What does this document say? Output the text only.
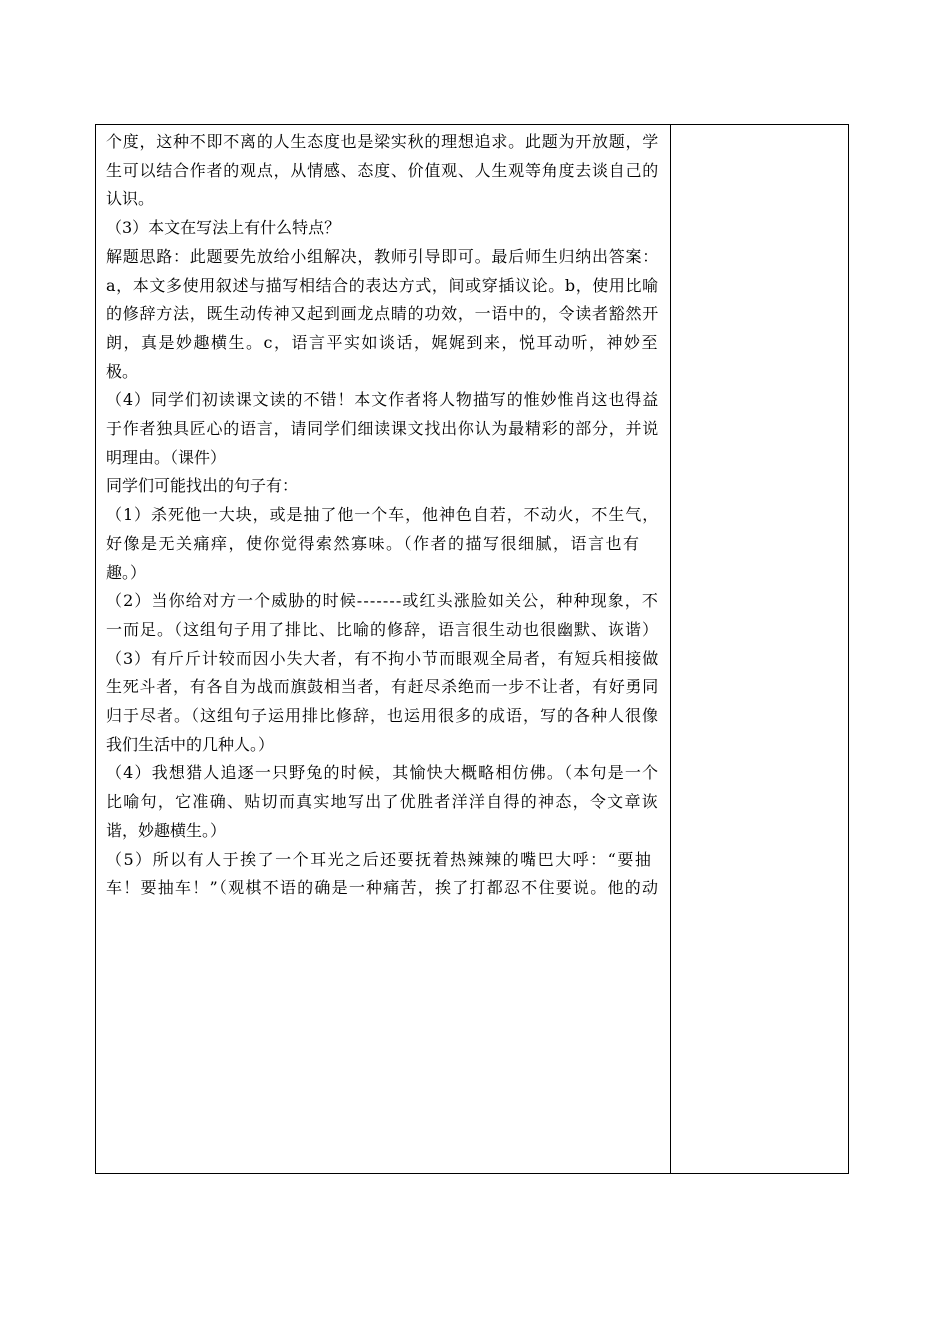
个度，这种不即不离的人生态度也是梁实秋的理想追求。此题为开放题，学
生可以结合作者的观点，从情感、态度、价值观、人生观等角度去谈自己的
认识。
（3）本文在写法上有什么特点？
解题思路：此题要先放给小组解决，教师引导即可。最后师生归纳出答案：
a，本文多使用叙述与描写相结合的表达方式，间或穿插议论。b，使用比喻
的修辞方法，既生动传神又起到画龙点睛的功效，一语中的，令读者豁然开
朗，真是妙趣横生。c，语言平实如谈话，娓娓到来，悦耳动听，神妙至
极。
（4）同学们初读课文读的不错！本文作者将人物描写的惟妙惟肖这也得益
于作者独具匠心的语言，请同学们细读课文找出你认为最精彩的部分，并说
明理由。（课件）
同学们可能找出的句子有：
（1）杀死他一大块，或是抽了他一个车，他神色自若，不动火，不生气，
好像是无关痛痒，使你觉得索然寡味。（作者的描写很细腻，语言也有
趣。）
（2）当你给对方一个威胁的时候-------或红头涨脸如关公，种种现象，不
一而足。（这组句子用了排比、比喻的修辞，语言很生动也很幽默、诙谐）
（3）有斤斤计较而因小失大者，有不拘小节而眼观全局者，有短兵相接做
生死斗者，有各自为战而旗鼓相当者，有赶尽杀绝而一步不让者，有好勇同
归于尽者。（这组句子运用排比修辞，也运用很多的成语，写的各种人很像
我们生活中的几种人。）
（4）我想猎人追逐一只野兔的时候，其愉快大概略相仿佛。（本句是一个
比喻句，它准确、贴切而真实地写出了优胜者洋洋自得的神态，令文章诙
谐，妙趣横生。）
（5）所以有人于挨了一个耳光之后还要抚着热辣辣的嘴巴大呼：“要抽
车！要抽车！”（观棋不语的确是一种痛苦，挨了打都忍不住要说。他的动
